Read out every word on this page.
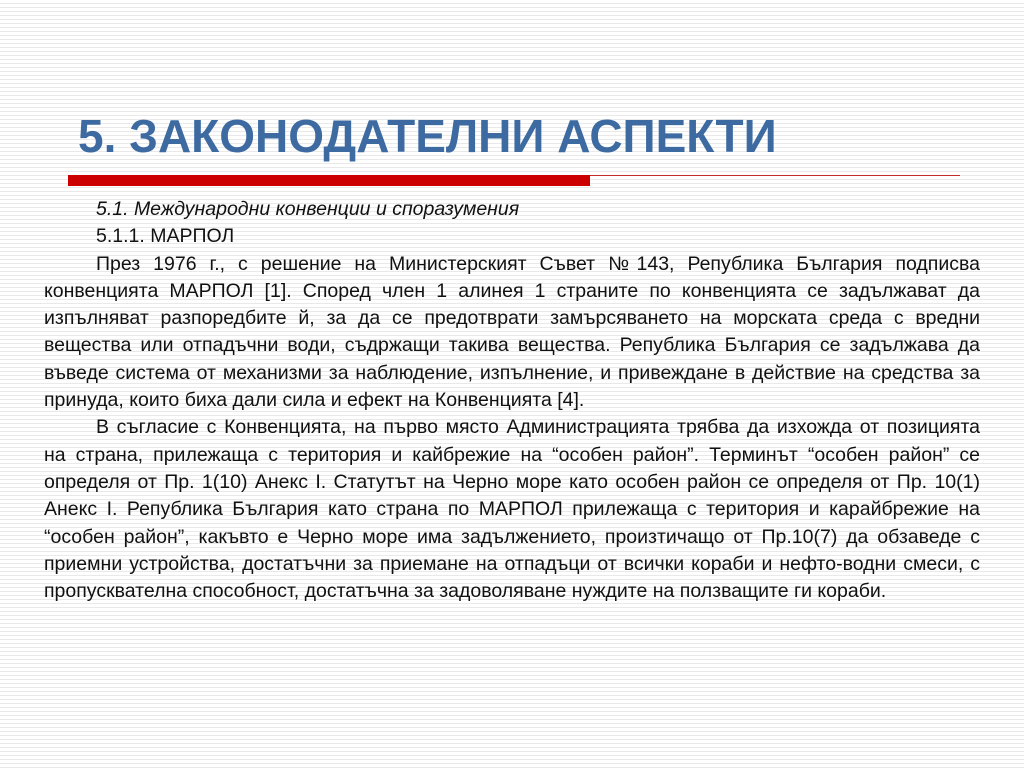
5. ЗАКОНОДАТЕЛНИ АСПЕКТИ

5.1. Международни конвенции и споразумения

5.1.1. МАРПОЛ

През 1976 г., с решение на Министерският Съвет №143, Република България подписва конвенцията МАРПОЛ [1]. Според член 1 алинея 1 страните по конвенцията се задължават да изпълняват разпоредбите й, за да се предотврати замърсяването на морската среда с вредни вещества или отпадъчни води, съдржащи такива вещества. Република България се задължава да въведе система от механизми за наблюдение, изпълнение, и привеждане в действие на средства за принуда, които биха дали сила и ефект на Конвенцията [4].

В съгласие с Конвенцията, на първо място Администрацията трябва да изхожда от позицията на страна, прилежаща с територия и кайбрежие на “особен район”. Терминът “особен район” се определя от Пр. 1(10) Анекс I. Статутът на Черно море като особен район се определя от Пр. 10(1) Анекс I. Република България като страна по МАРПОЛ прилежаща с територия и карайбрежие на “особен район”, какъвто е Черно море има задължението, произтичащо от Пр.10(7) да обзаведе с приемни устройства, достатъчни за приемане на отпадъци от всички кораби и нефто-водни смеси, с пропусквателна способност, достатъчна за задоволяване нуждите на ползващите ги кораби.
